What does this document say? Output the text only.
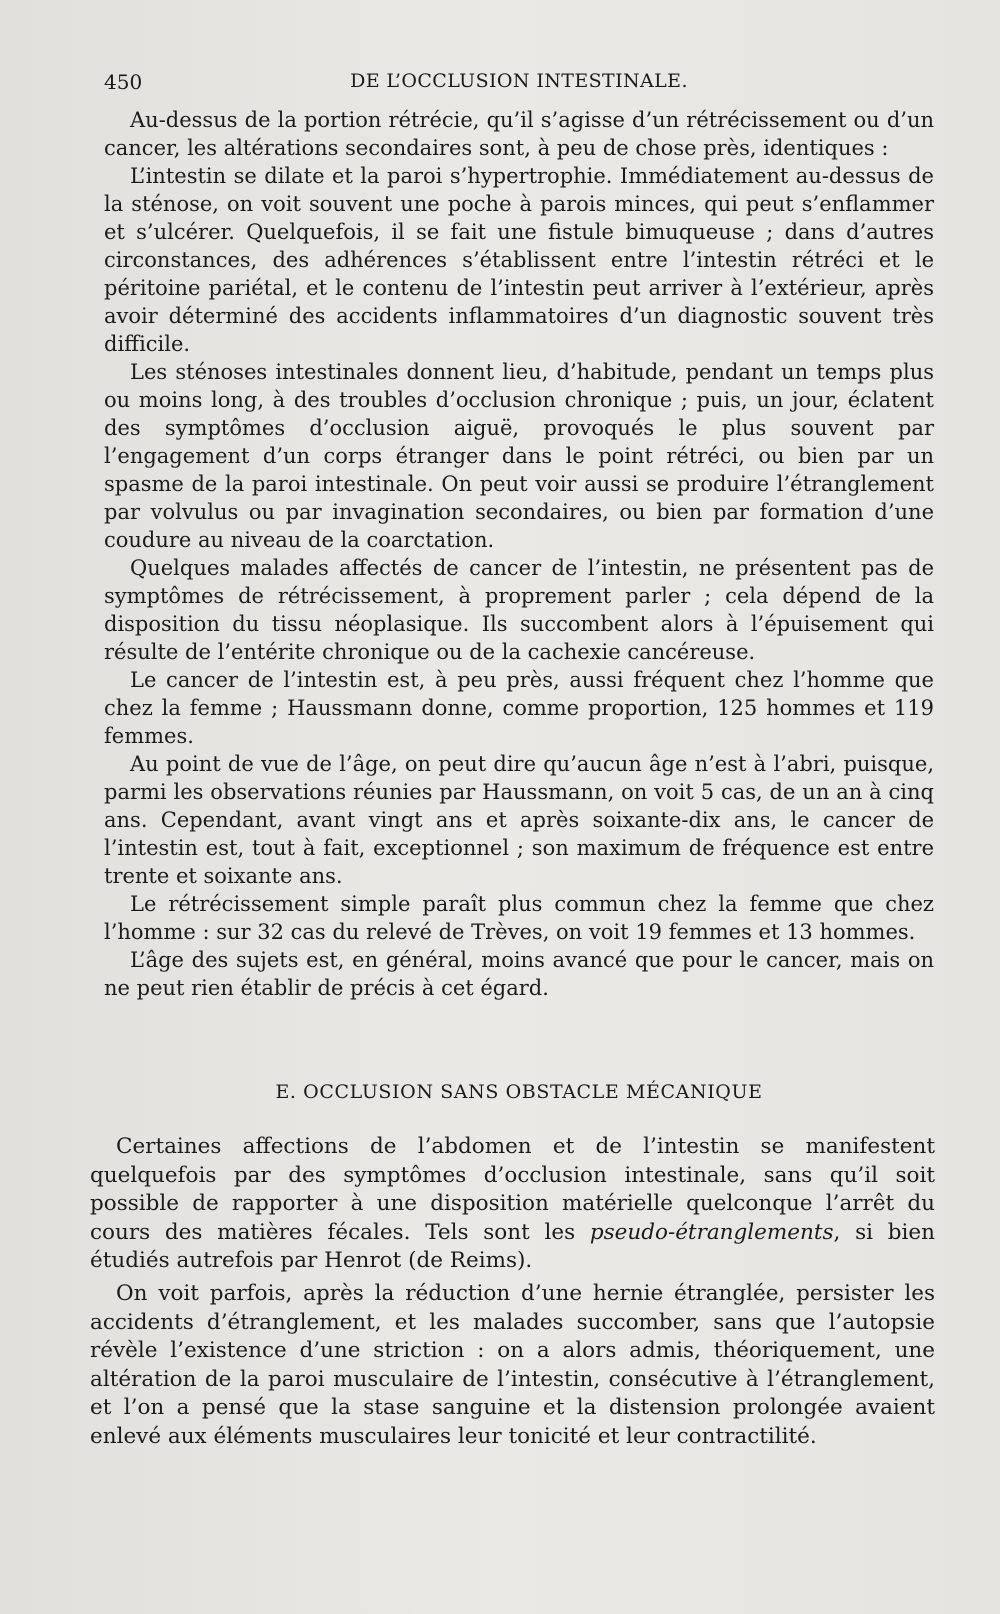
450	DE L’OCCLUSION INTESTINALE.

Au-dessus de la portion rétrécie, qu’il s’agisse d’un rétrécissement ou d’un cancer, les altérations secondaires sont, à peu de chose près, identiques :

L’intestin se dilate et la paroi s’hypertrophie. Immédiatement au-dessus de la sténose, on voit souvent une poche à parois minces, qui peut s’enflammer et s’ulcérer. Quelquefois, il se fait une fistule bimuqueuse ; dans d’autres circonstances, des adhérences s’établissent entre l’intestin rétréci et le péritoine pariétal, et le contenu de l’intestin peut arriver à l’extérieur, après avoir déterminé des accidents inflammatoires d’un diagnostic souvent très difficile.

Les sténoses intestinales donnent lieu, d’habitude, pendant un temps plus ou moins long, à des troubles d’occlusion chronique ; puis, un jour, éclatent des symptômes d’occlusion aiguë, provoqués le plus souvent par l’engagement d’un corps étranger dans le point rétréci, ou bien par un spasme de la paroi intestinale. On peut voir aussi se produire l’étranglement par volvulus ou par invagination secondaires, ou bien par formation d’une coudure au niveau de la coarctation.

Quelques malades affectés de cancer de l’intestin, ne présentent pas de symptômes de rétrécissement, à proprement parler ; cela dépend de la disposition du tissu néoplasique. Ils succombent alors à l’épuisement qui résulte de l’entérite chronique ou de la cachexie cancéreuse.

Le cancer de l’intestin est, à peu près, aussi fréquent chez l’homme que chez la femme ; Haussmann donne, comme proportion, 125 hommes et 119 femmes.

Au point de vue de l’âge, on peut dire qu’aucun âge n’est à l’abri, puisque, parmi les observations réunies par Haussmann, on voit 5 cas, de un an à cinq ans. Cependant, avant vingt ans et après soixante-dix ans, le cancer de l’intestin est, tout à fait, exceptionnel ; son maximum de fréquence est entre trente et soixante ans.

Le rétrécissement simple paraît plus commun chez la femme que chez l’homme : sur 32 cas du relevé de Trèves, on voit 19 femmes et 13 hommes.

L’âge des sujets est, en général, moins avancé que pour le cancer, mais on ne peut rien établir de précis à cet égard.

E. OCCLUSION SANS OBSTACLE MÉCANIQUE

Certaines affections de l’abdomen et de l’intestin se manifestent quelquefois par des symptômes d’occlusion intestinale, sans qu’il soit possible de rapporter à une disposition matérielle quelconque l’arrêt du cours des matières fécales. Tels sont les pseudo-étranglements, si bien étudiés autrefois par Henrot (de Reims).

On voit parfois, après la réduction d’une hernie étranglée, persister les accidents d’étranglement, et les malades succomber, sans que l’autopsie révèle l’existence d’une striction : on a alors admis, théoriquement, une altération de la paroi musculaire de l’intestin, consécutive à l’étranglement, et l’on a pensé que la stase sanguine et la distension prolongée avaient enlevé aux éléments musculaires leur tonicité et leur contractilité.
